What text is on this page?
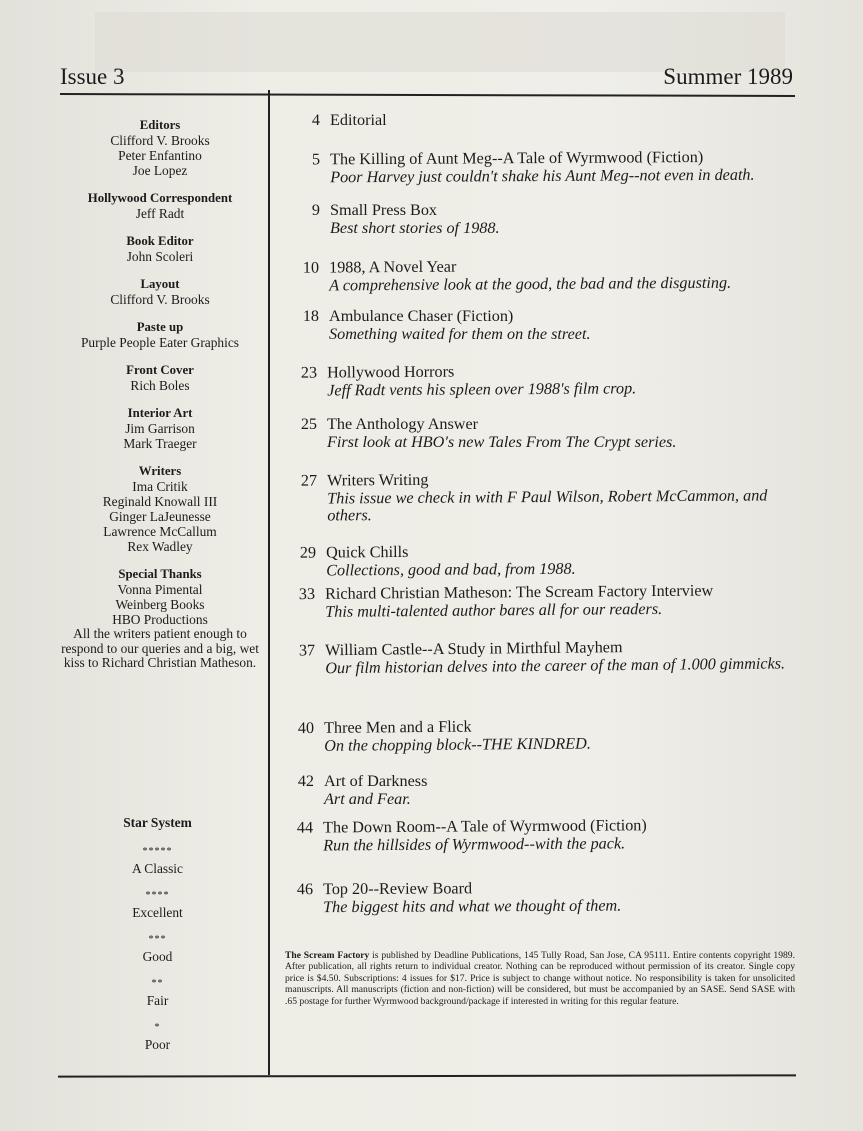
Issue 3	Summer 1989
Editors
Clifford V. Brooks
Peter Enfantino
Joe Lopez
Hollywood Correspondent
Jeff Radt
Book Editor
John Scoleri
Layout
Clifford V. Brooks
Paste up
Purple People Eater Graphics
Front Cover
Rich Boles
Interior Art
Jim Garrison
Mark Traeger
Writers
Ima Critik
Reginald Knowall III
Ginger LaJeunesse
Lawrence McCallum
Rex Wadley
Special Thanks
Vonna Pimental
Weinberg Books
HBO Productions
All the writers patient enough to respond to our queries and a big, wet kiss to Richard Christian Matheson.
Star System
*****
A Classic
****
Excellent
***
Good
**
Fair
*
Poor
4 Editorial
5 The Killing of Aunt Meg--A Tale of Wyrmwood (Fiction)
Poor Harvey just couldn't shake his Aunt Meg--not even in death.
9 Small Press Box
Best short stories of 1988.
10 1988, A Novel Year
A comprehensive look at the good, the bad and the disgusting.
18 Ambulance Chaser (Fiction)
Something waited for them on the street.
23 Hollywood Horrors
Jeff Radt vents his spleen over 1988's film crop.
25 The Anthology Answer
First look at HBO's new Tales From The Crypt series.
27 Writers Writing
This issue we check in with F Paul Wilson, Robert McCammon, and others.
29 Quick Chills
Collections, good and bad, from 1988.
33 Richard Christian Matheson: The Scream Factory Interview
This multi-talented author bares all for our readers.
37 William Castle--A Study in Mirthful Mayhem
Our film historian delves into the career of the man of 1.000 gimmicks.
40 Three Men and a Flick
On the chopping block--THE KINDRED.
42 Art of Darkness
Art and Fear.
44 The Down Room--A Tale of Wyrmwood (Fiction)
Run the hillsides of Wyrmwood--with the pack.
46 Top 20--Review Board
The biggest hits and what we thought of them.
The Scream Factory is published by Deadline Publications, 145 Tully Road, San Jose, CA 95111. Entire contents copyright 1989. After publication, all rights return to individual creator. Nothing can be reproduced without permission of its creator. Single copy price is $4.50. Subscriptions: 4 issues for $17. Price is subject to change without notice. No responsibility is taken for unsolicited manuscripts. All manuscripts (fiction and non-fiction) will be considered, but must be accompanied by an SASE. Send SASE with .65 postage for further Wyrmwood background/package if interested in writing for this regular feature.
